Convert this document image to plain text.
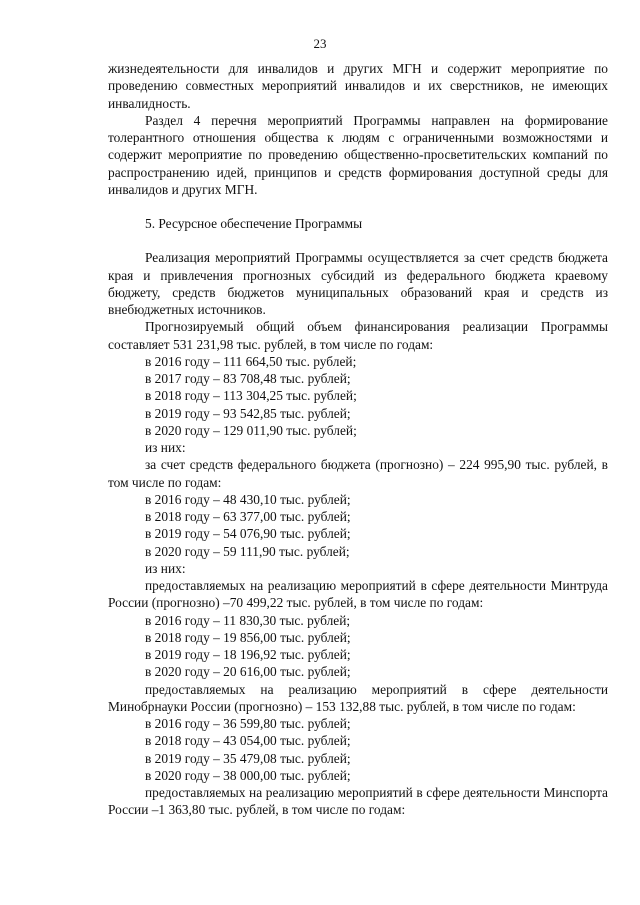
23

жизнедеятельности для инвалидов и других МГН и содержит мероприятие по проведению совместных мероприятий инвалидов и их сверстников, не имеющих инвалидность.

Раздел 4 перечня мероприятий Программы направлен на формирование толерантного отношения общества к людям с ограниченными возможностями и содержит мероприятие по проведению общественно-просветительских компаний по распространению идей, принципов и средств формирования доступной среды для инвалидов и других МГН.

5. Ресурсное обеспечение Программы

Реализация мероприятий Программы осуществляется за счет средств бюджета края и привлечения прогнозных субсидий из федерального бюджета краевому бюджету, средств бюджетов муниципальных образований края и средств из внебюджетных источников.

Прогнозируемый общий объем финансирования реализации Программы составляет 531 231,98 тыс. рублей, в том числе по годам:

в 2016 году – 111 664,50 тыс. рублей;

в 2017 году – 83 708,48 тыс. рублей;

в 2018 году – 113 304,25 тыс. рублей;

в 2019 году – 93 542,85 тыс. рублей;

в 2020 году – 129 011,90 тыс. рублей;

из них:

за счет средств федерального бюджета (прогнозно) – 224 995,90 тыс. рублей, в том числе по годам:

в 2016 году – 48 430,10 тыс. рублей;

в 2018 году – 63 377,00 тыс. рублей;

в 2019 году – 54 076,90 тыс. рублей;

в 2020 году – 59 111,90 тыс. рублей;

из них:

предоставляемых на реализацию мероприятий в сфере деятельности Минтруда России (прогнозно) –70 499,22 тыс. рублей, в том числе по годам:

в 2016 году – 11 830,30 тыс. рублей;

в 2018 году – 19 856,00 тыс. рублей;

в 2019 году – 18 196,92 тыс. рублей;

в 2020 году – 20 616,00 тыс. рублей;

предоставляемых на реализацию мероприятий в сфере деятельности Минобрнауки России (прогнозно) – 153 132,88 тыс. рублей, в том числе по годам:

в 2016 году – 36 599,80 тыс. рублей;

в 2018 году – 43 054,00 тыс. рублей;

в 2019 году – 35 479,08 тыс. рублей;

в 2020 году – 38 000,00 тыс. рублей;

предоставляемых на реализацию мероприятий в сфере деятельности Минспорта России –1 363,80 тыс. рублей, в том числе по годам:
